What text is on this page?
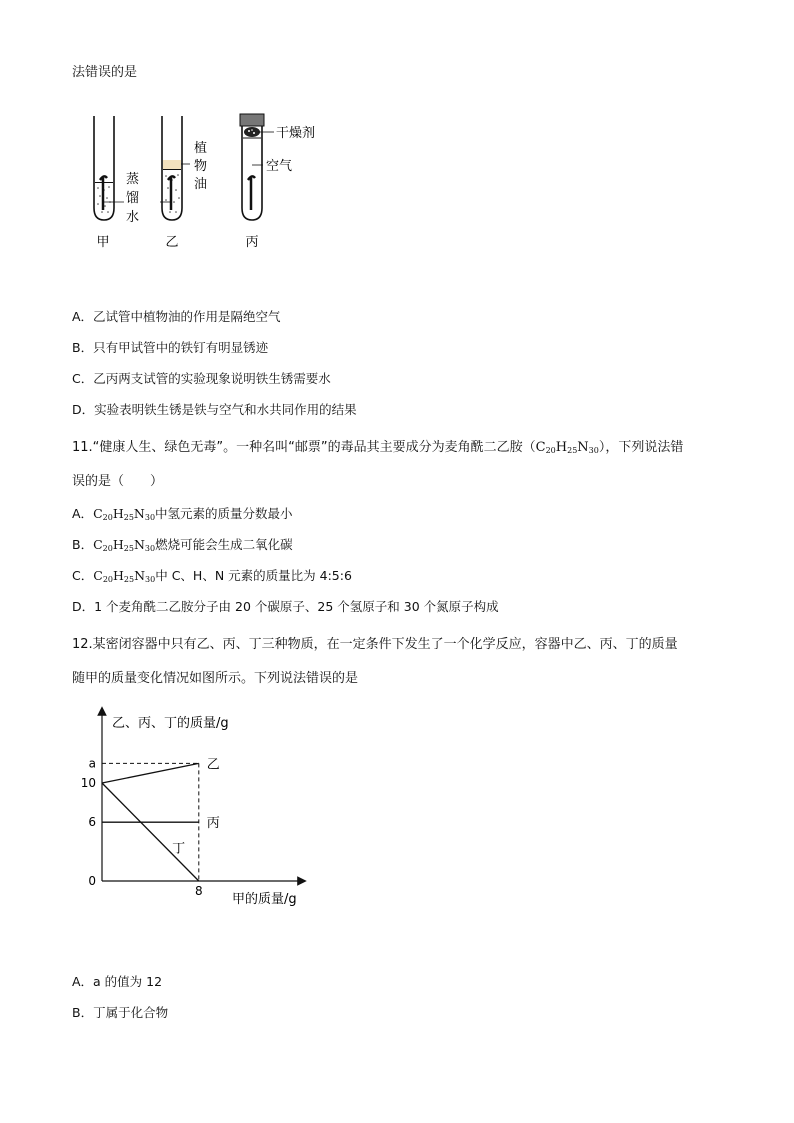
法错误的是
蒸
馏
水
植
物
油
干燥剂
空气
甲	乙	丙
A．乙试管中植物油的作用是隔绝空气
B．只有甲试管中的铁钉有明显锈迹
C．乙丙两支试管的实验现象说明铁生锈需要水
D．实验表明铁生锈是铁与空气和水共同作用的结果
11.“健康人生、绿色无毒”。一种名叫“邮票”的毒品其主要成分为麦角酰二乙胺$(C_{20}H_{25}N_{30})$，下列说法错
误的是（　　）
A．$C_{20}H_{25}N_{30}$中氢元素的质量分数最小
B．$C_{20}H_{25}N_{30}$燃烧可能会生成二氧化碳
C．$C_{20}H_{25}N_{30}$中 C、H、N 元素的质量比为 4:5:6
D．1 个麦角酰二乙胺分子由 20 个碳原子、25 个氢原子和 30 个氮原子构成
12.某密闭容器中只有乙、丙、丁三种物质，在一定条件下发生了一个化学反应，容器中乙、丙、丁的质量
随甲的质量变化情况如图所示。下列说法错误的是
乙、丙、丁的质量/g
甲的质量/g
乙
丙
丁
a
10
6
0
8
A．a 的值为 12
B．丁属于化合物
